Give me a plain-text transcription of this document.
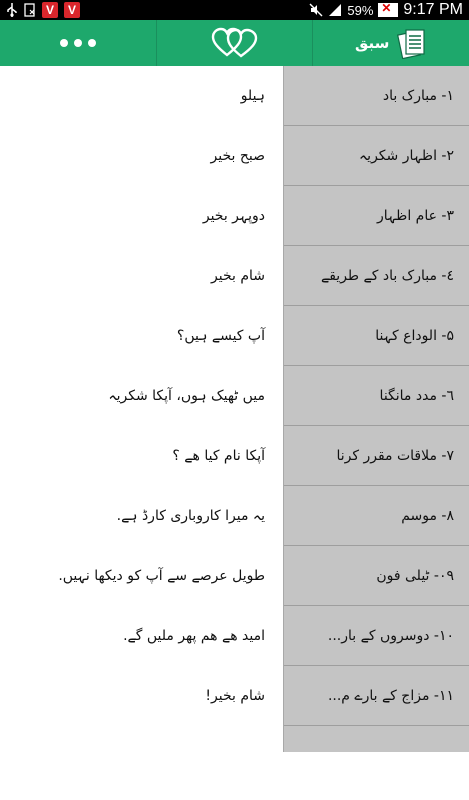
V	V	59% ✕ 9:17 PM
سبق
ہیلو
صبح بخیر
دوپہر بخیر
شام بخیر
آپ کیسے ہیں؟
میں ٹھیک ہوں، آپکا شکریہ
آپکا نام کیا ھے ؟
یہ میرا کاروباری کارڈ ہے.
طویل عرصے سے آپ کو دیکھا نہیں.
امید ھے ھم پھر ملیں گے.
شام بخیر!
۱- مبارک باد
۲- اظہار شکریہ
۳- عام اظہار
٤- مبارک باد کے طریقے
۵- الوداع کہنا
٦- مدد مانگنا
۷- ملاقات مقرر کرنا
۸- موسم
۰۹- ٹیلی فون
۱۰- دوسروں کے بار...
۱۱- مزاج کے بارے م...
